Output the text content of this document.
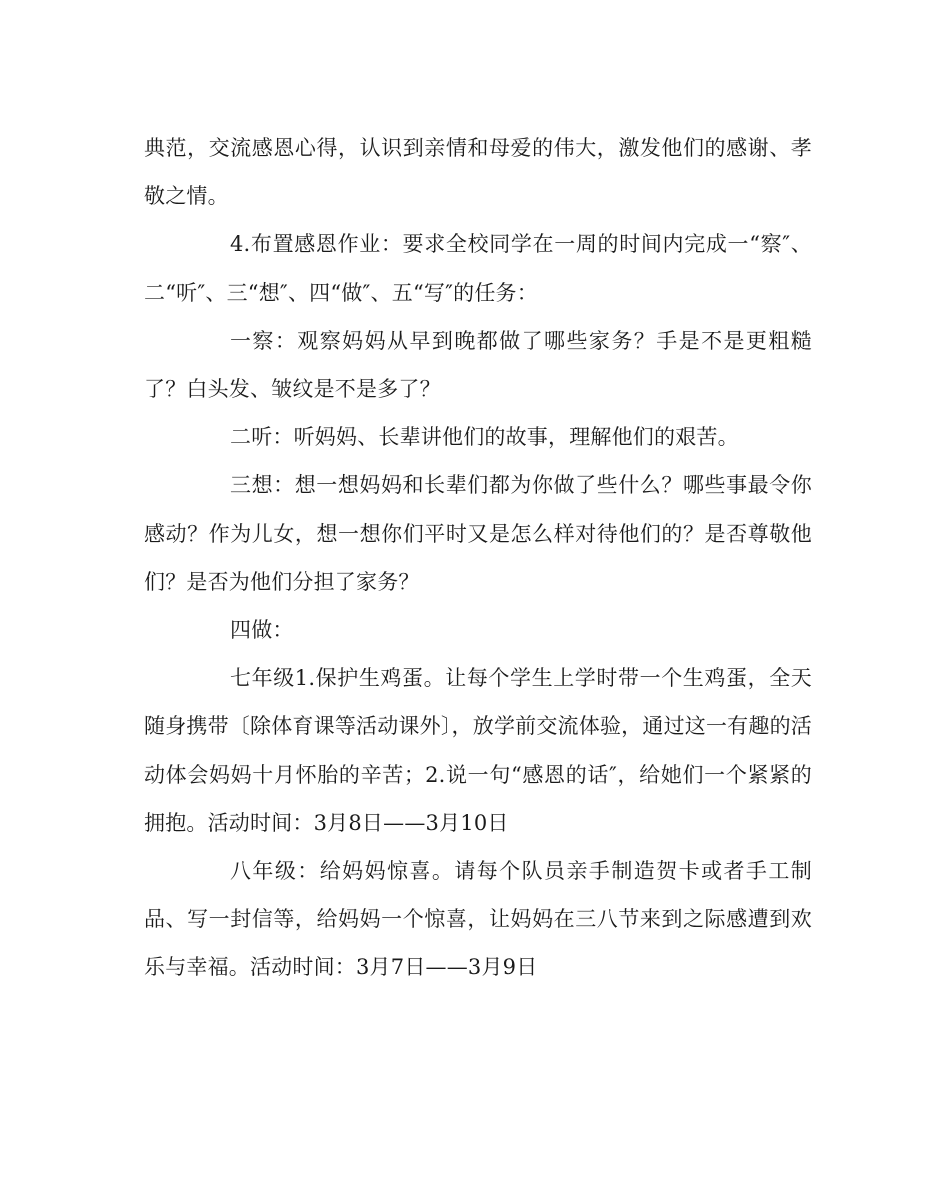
典范，交流感恩心得，认识到亲情和母爱的伟大，激发他们的感谢、孝敬之情。

4.布置感恩作业：要求全校同学在一周的时间内完成一“察″、二“听″、三“想″、四“做″、五“写″的任务：

一察：观察妈妈从早到晚都做了哪些家务？手是不是更粗糙了？白头发、皱纹是不是多了？

二听：听妈妈、长辈讲他们的故事，理解他们的艰苦。

三想：想一想妈妈和长辈们都为你做了些什么？哪些事最令你感动？作为儿女，想一想你们平时又是怎么样对待他们的？是否尊敬他们？是否为他们分担了家务？

四做：

七年级1.保护生鸡蛋。让每个学生上学时带一个生鸡蛋，全天随身携带〔除体育课等活动课外〕，放学前交流体验，通过这一有趣的活动体会妈妈十月怀胎的辛苦；2.说一句“感恩的话″，给她们一个紧紧的拥抱。活动时间：3月8日——3月10日

八年级：给妈妈惊喜。请每个队员亲手制造贺卡或者手工制品、写一封信等，给妈妈一个惊喜，让妈妈在三八节来到之际感遭到欢乐与幸福。活动时间：3月7日——3月9日
